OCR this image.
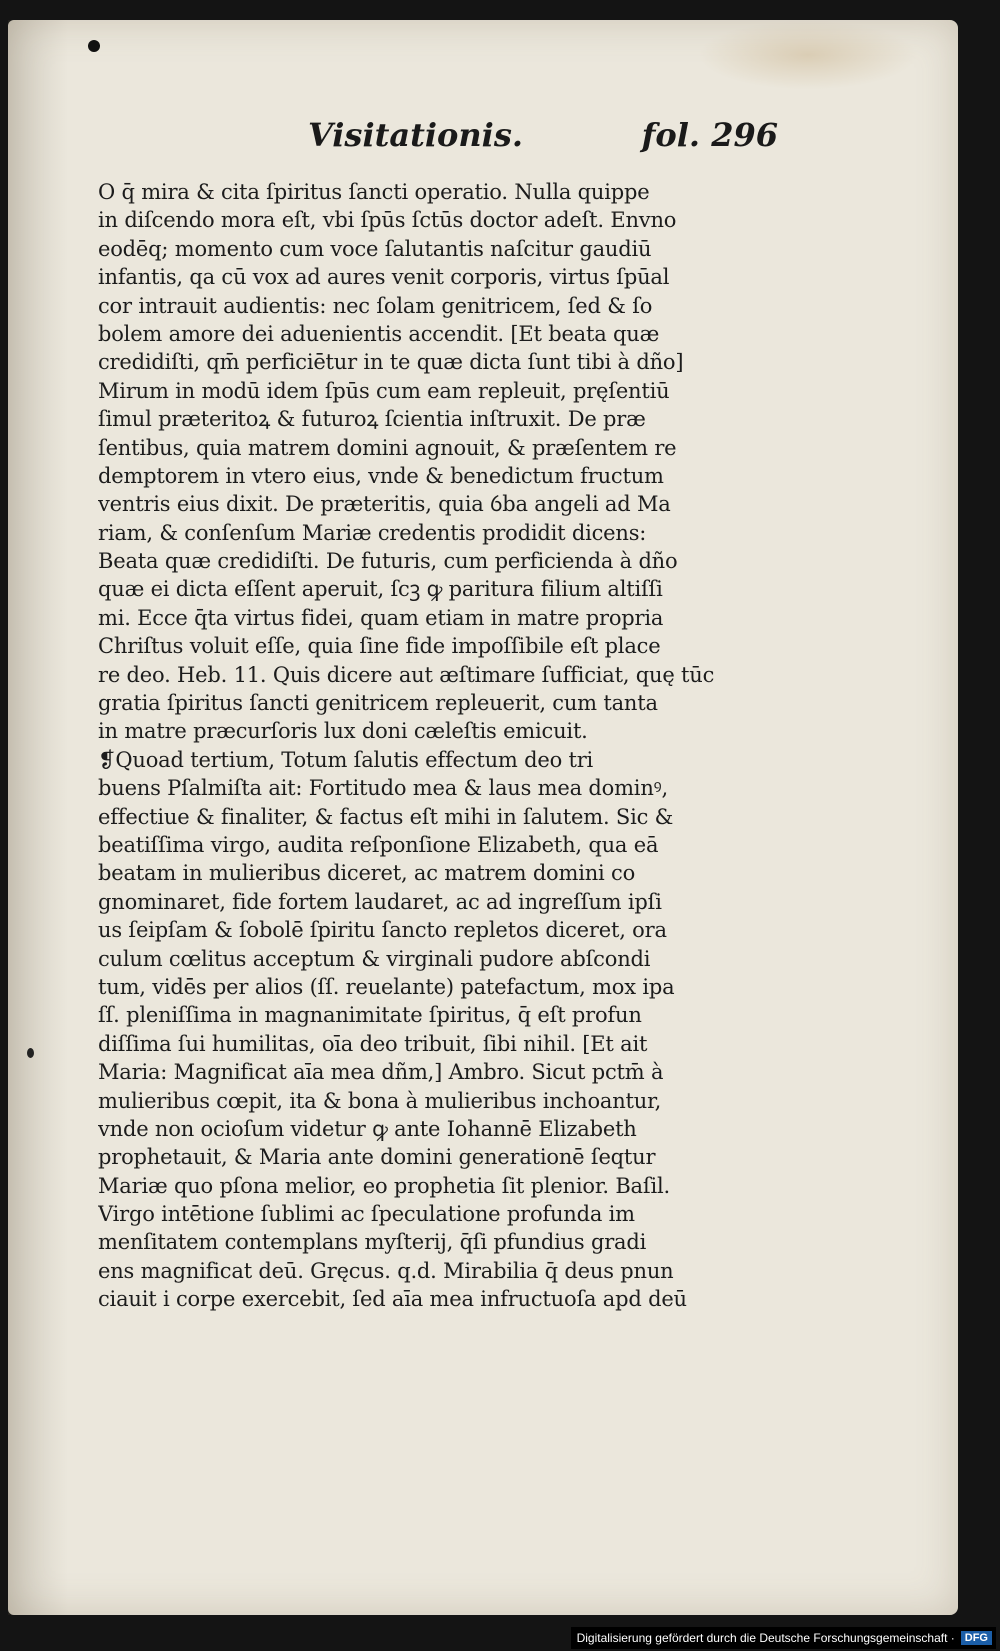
Visitationis.	fol. 296
O q̄ mira & cita ſpiritus ſancti operatio. Nulla quippe
in diſcendo mora eſt, vbi ſpūs ſctūs doctor adeſt. Envno
eodēq; momento cum voce ſalutantis naſcitur gaudiū
infantis, qa cū vox ad aures venit corporis, virtus ſpūal
cor intrauit audientis: nec ſolam genitricem, ſed & ſo
bolem amore dei aduenientis accendit. [Et beata quæ
credidiſti, qm̄ perficiētur in te quæ dicta ſunt tibi à dño]
Mirum in modū idem ſpūs cum eam repleuit, pręſentiū
ſimul præteritoꝝ & futuroꝝ ſcientia inſtruxit. De præ
ſentibus, quia matrem domini agnouit, & præſentem re
demptorem in vtero eius, vnde & benedictum fructum
ventris eius dixit. De præteritis, quia ỽba angeli ad Ma
riam, & conſenſum Mariæ credentis prodidit dicens:
Beata quæ credidiſti. De futuris, cum perficienda à dño
quæ ei dicta eſſent aperuit, ſcꝫ ꝙ paritura filium altiſſi
mi. Ecce q̄ta virtus fidei, quam etiam in matre propria
Chriſtus voluit eſſe, quia ſine fide impoſſibile eſt place
re deo. Heb. 11. Quis dicere aut æſtimare ſufficiat, quę tūc
gratia ſpiritus ſancti genitricem repleuerit, cum tanta
in matre præcurſoris lux doni cæleſtis emicuit.
❡Quoad tertium, Totum ſalutis effectum deo tri
buens Pſalmiſta ait: Fortitudo mea & laus mea dominꝰ,
effectiue & finaliter, & factus eſt mihi in ſalutem. Sic &
beatiſſima virgo, audita reſponſione Elizabeth, qua eā
beatam in mulieribus diceret, ac matrem domini co
gnominaret, fide fortem laudaret, ac ad ingreſſum ipſi
us ſeipſam & ſobolē ſpiritu ſancto repletos diceret, ora
culum cœlitus acceptum & virginali pudore abſcondi
tum, vidēs per alios (ſſ. reuelante) patefactum, mox ipa
ſſ. pleniſſima in magnanimitate ſpiritus, q̄ eſt profun
diſſima ſui humilitas, oīa deo tribuit, ſibi nihil. [Et ait
Maria: Magnificat aīa mea dñm,] Ambro. Sicut pctm̄ à
mulieribus cœpit, ita & bona à mulieribus inchoantur,
vnde non ocioſum videtur ꝙ ante Iohannē Elizabeth
prophetauit, & Maria ante domini generationē ſeqtur
Mariæ quo pſona melior, eo prophetia ſit plenior. Baſil.
Virgo intētione ſublimi ac ſpeculatione profunda im
menſitatem contemplans myſterij, q̄ſi pfundius gradi
ens magnificat deū. Gręcus. q.d. Mirabilia q̄ deus pnun
ciauit i corpe exercebit, ſed aīa mea infructuoſa apd deū
Digitalisierung gefördert durch die Deutsche Forschungsgemeinschaft · DFG
